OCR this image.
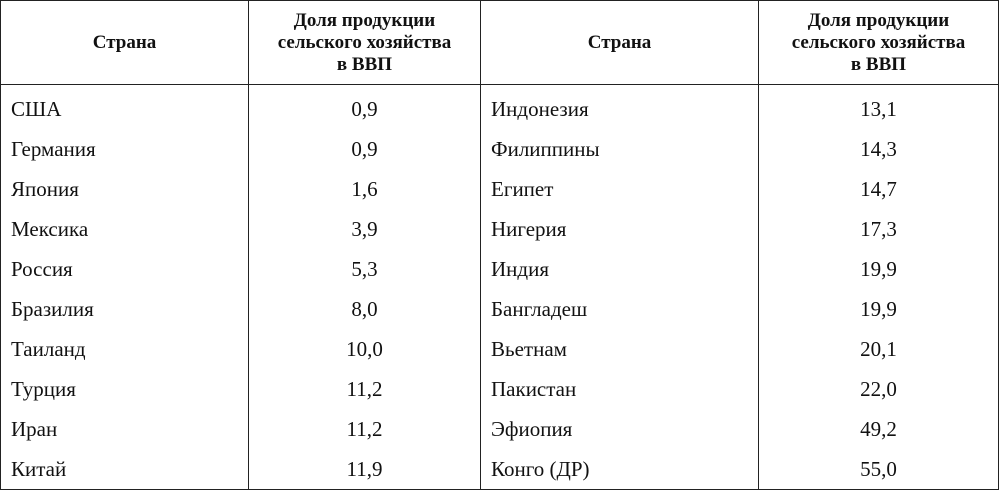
Страна	Доля продукции
сельского хозяйства
в ВВП	Страна	Доля продукции
сельского хозяйства
в ВВП
США	0,9	Индонезия	13,1
Германия	0,9	Филиппины	14,3
Япония	1,6	Египет	14,7
Мексика	3,9	Нигерия	17,3
Россия	5,3	Индия	19,9
Бразилия	8,0	Бангладеш	19,9
Таиланд	10,0	Вьетнам	20,1
Турция	11,2	Пакистан	22,0
Иран	11,2	Эфиопия	49,2
Китай	11,9	Конго (ДР)	55,0
